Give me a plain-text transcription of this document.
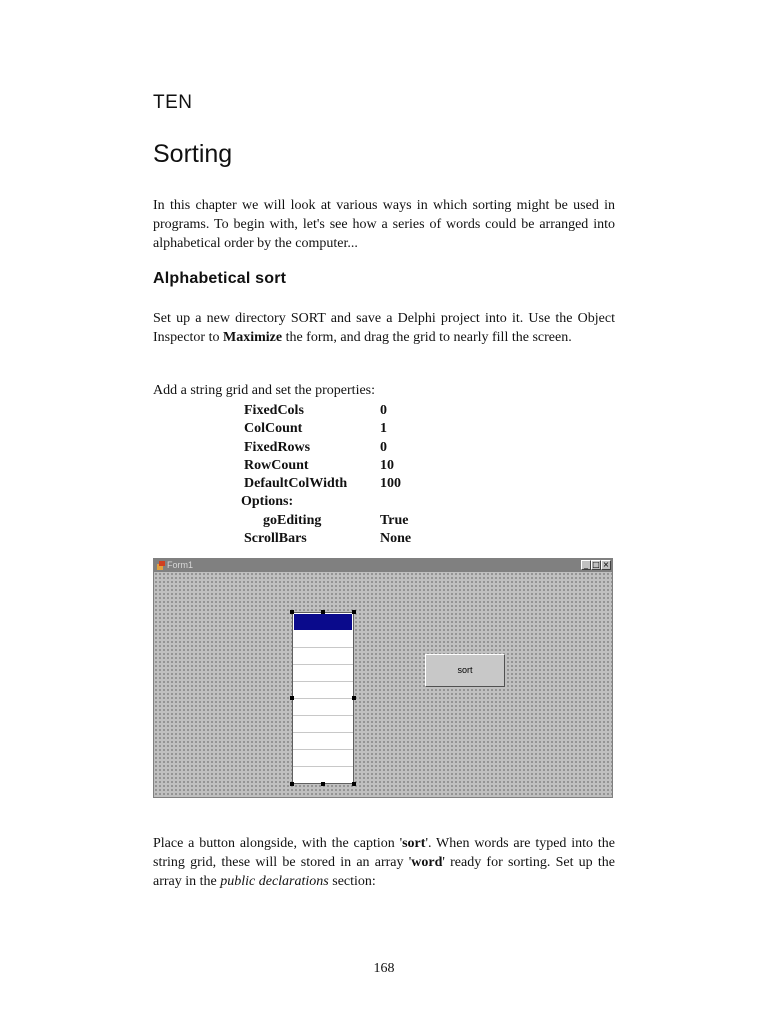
TEN
Sorting
In this chapter we will look at various ways in which sorting might be used in programs. To begin with, let's see how a series of words could be arranged into alphabetical order by the computer...
Alphabetical sort
Set up a new directory SORT and save a Delphi project into it. Use the Object Inspector to Maximize the form, and drag the grid to nearly fill the screen.
Add a string grid and set the properties:
FixedCols	0
ColCount	1
FixedRows	0
RowCount	10
DefaultColWidth	100
Options:
goEditing	True
ScrollBars	None
Form1	_ □ ×
sort
Place a button alongside, with the caption 'sort'. When words are typed into the string grid, these will be stored in an array 'word' ready for sorting. Set up the array in the public declarations section:
168
